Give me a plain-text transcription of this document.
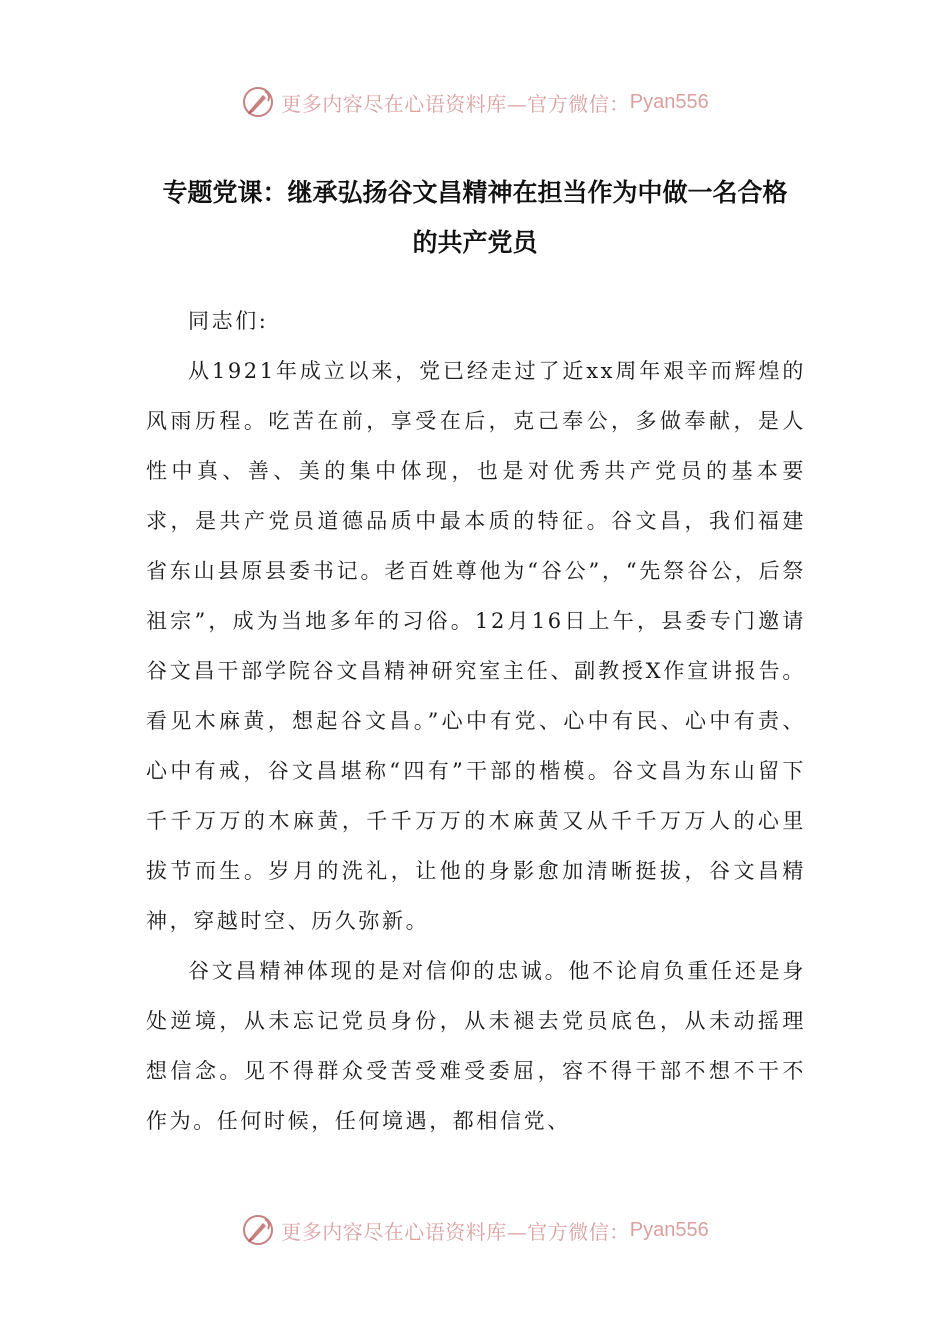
更多内容尽在心语资料库—官方微信： Pyan556
专题党课：继承弘扬谷文昌精神在担当作为中做一名合格
的共产党员

同志们:

从1921年成立以来，党已经走过了近xx周年艰辛而辉煌的风雨历程。吃苦在前，享受在后，克己奉公，多做奉献，是人性中真、善、美的集中体现，也是对优秀共产党员的基本要求，是共产党员道德品质中最本质的特征。谷文昌，我们福建省东山县原县委书记。老百姓尊他为“谷公”，“先祭谷公，后祭祖宗”，成为当地多年的习俗。12月16日上午，县委专门邀请谷文昌干部学院谷文昌精神研究室主任、副教授X作宣讲报告。看见木麻黄，想起谷文昌。”心中有党、心中有民、心中有责、心中有戒，谷文昌堪称“四有”干部的楷模。谷文昌为东山留下千千万万的木麻黄，千千万万的木麻黄又从千千万万人的心里拔节而生。岁月的洗礼，让他的身影愈加清晰挺拔，谷文昌精神，穿越时空、历久弥新。

谷文昌精神体现的是对信仰的忠诚。他不论肩负重任还是身处逆境，从未忘记党员身份，从未褪去党员底色，从未动摇理想信念。见不得群众受苦受难受委屈，容不得干部不想不干不作为。任何时候，任何境遇，都相信党、

更多内容尽在心语资料库—官方微信： Pyan556
